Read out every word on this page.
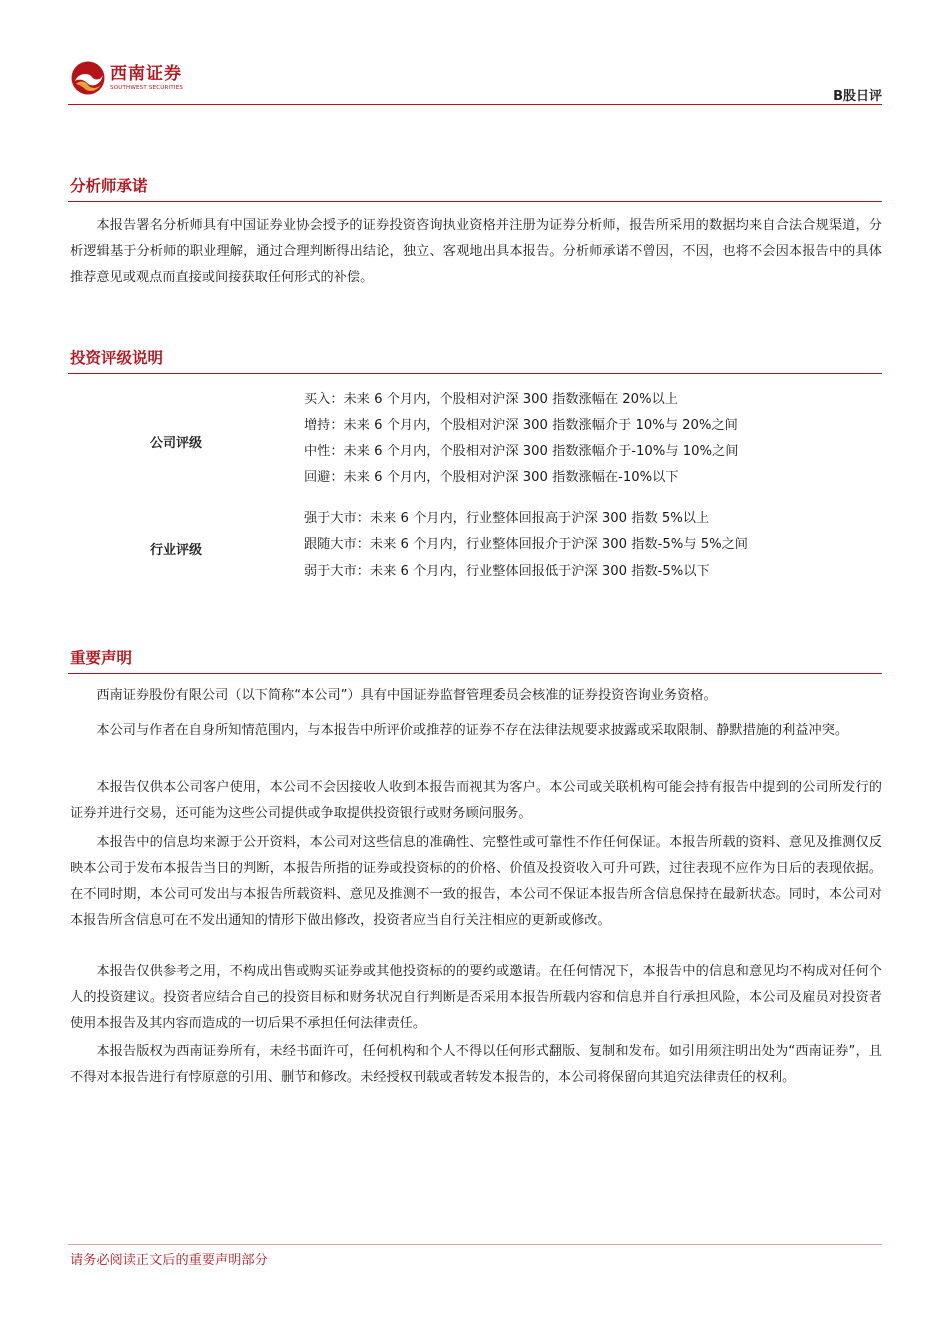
西南证券
SOUTHWEST SECURITIES
B股日评
分析师承诺

本报告署名分析师具有中国证券业协会授予的证券投资咨询执业资格并注册为证券分析师，报告所采用的数据均来自合法合规渠道，分析逻辑基于分析师的职业理解，通过合理判断得出结论，独立、客观地出具本报告。分析师承诺不曾因，不因，也将不会因本报告中的具体推荐意见或观点而直接或间接获取任何形式的补偿。

投资评级说明
公司评级
买入：未来 6 个月内，个股相对沪深 300 指数涨幅在 20%以上
增持：未来 6 个月内，个股相对沪深 300 指数涨幅介于 10%与 20%之间
中性：未来 6 个月内，个股相对沪深 300 指数涨幅介于-10%与 10%之间
回避：未来 6 个月内，个股相对沪深 300 指数涨幅在-10%以下
行业评级
强于大市：未来 6 个月内，行业整体回报高于沪深 300 指数 5%以上
跟随大市：未来 6 个月内，行业整体回报介于沪深 300 指数-5%与 5%之间
弱于大市：未来 6 个月内，行业整体回报低于沪深 300 指数-5%以下
重要声明

西南证券股份有限公司（以下简称“本公司”）具有中国证券监督管理委员会核准的证券投资咨询业务资格。

本公司与作者在自身所知情范围内，与本报告中所评价或推荐的证券不存在法律法规要求披露或采取限制、静默措施的利益冲突。

本报告仅供本公司客户使用，本公司不会因接收人收到本报告而视其为客户。本公司或关联机构可能会持有报告中提到的公司所发行的证券并进行交易，还可能为这些公司提供或争取提供投资银行或财务顾问服务。

本报告中的信息均来源于公开资料，本公司对这些信息的准确性、完整性或可靠性不作任何保证。本报告所载的资料、意见及推测仅反映本公司于发布本报告当日的判断，本报告所指的证券或投资标的的价格、价值及投资收入可升可跌，过往表现不应作为日后的表现依据。在不同时期，本公司可发出与本报告所载资料、意见及推测不一致的报告，本公司不保证本报告所含信息保持在最新状态。同时，本公司对本报告所含信息可在不发出通知的情形下做出修改，投资者应当自行关注相应的更新或修改。

本报告仅供参考之用，不构成出售或购买证券或其他投资标的的要约或邀请。在任何情况下，本报告中的信息和意见均不构成对任何个人的投资建议。投资者应结合自己的投资目标和财务状况自行判断是否采用本报告所载内容和信息并自行承担风险，本公司及雇员对投资者使用本报告及其内容而造成的一切后果不承担任何法律责任。

本报告版权为西南证券所有，未经书面许可，任何机构和个人不得以任何形式翻版、复制和发布。如引用须注明出处为“西南证券”，且不得对本报告进行有悖原意的引用、删节和修改。未经授权刊载或者转发本报告的，本公司将保留向其追究法律责任的权利。

请务必阅读正文后的重要声明部分
